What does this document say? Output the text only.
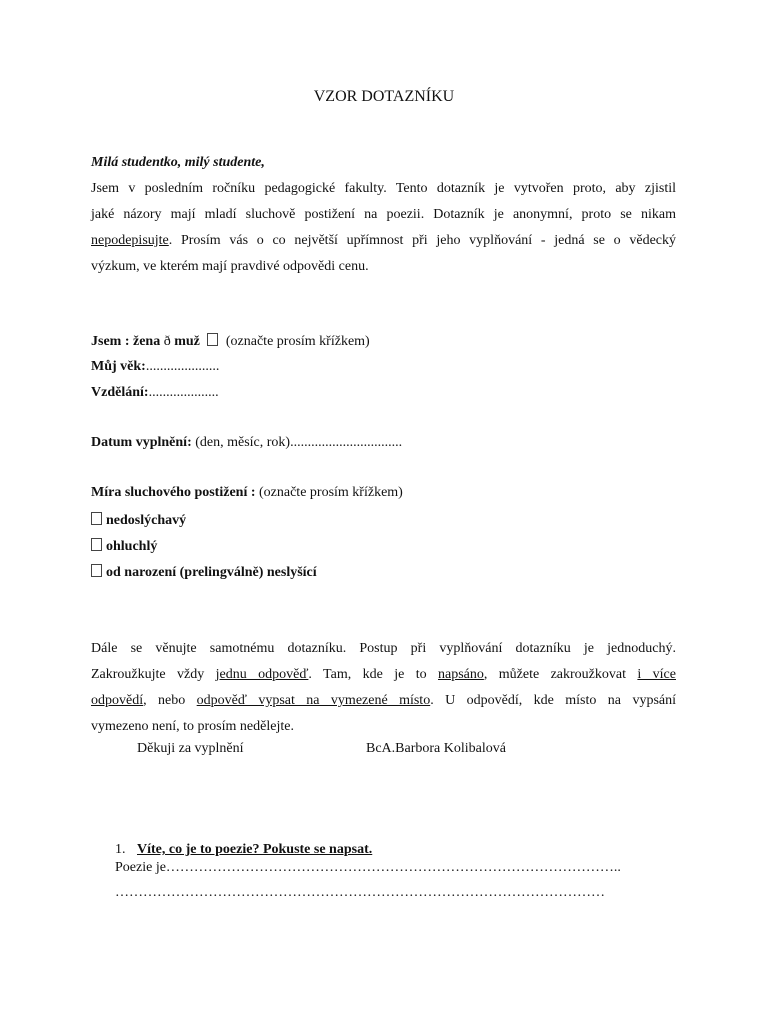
VZOR DOTAZNÍKU
Milá studentko, milý studente,
Jsem v posledním ročníku pedagogické fakulty. Tento dotazník je vytvořen proto, aby zjistil
jaké názory mají mladí sluchově postižení na poezii. Dotazník je anonymní, proto se nikam
nepodepisujte. Prosím vás o co největší upřímnost při jeho vyplňování - jedná se o vědecký
výzkum, ve kterém mají pravdivé odpovědi cenu.
Jsem : žena ð muž (označte prosím křížkem)
Můj věk:.....................
Vzdělání:....................
Datum vyplnění: (den, měsíc, rok)................................
Míra sluchového postižení : (označte prosím křížkem)
nedoslýchavý
ohluchlý
od narození (prelingválně) neslyšící
Dále se věnujte samotnému dotazníku. Postup při vyplňování dotazníku je jednoduchý.
Zakroužkujte vždy jednu odpověď. Tam, kde je to napsáno, můžete zakroužkovat i více
odpovědí, nebo odpověď vypsat na vymezené místo. U odpovědí, kde místo na vypsání
vymezeno není, to prosím nedělejte.
Děkuji za vyplnění	BcA.Barbora Kolibalová
1. Víte, co je to poezie? Pokuste se napsat.
Poezie je……………………………………………………………………………………..
……………………………………………………………………………………………
